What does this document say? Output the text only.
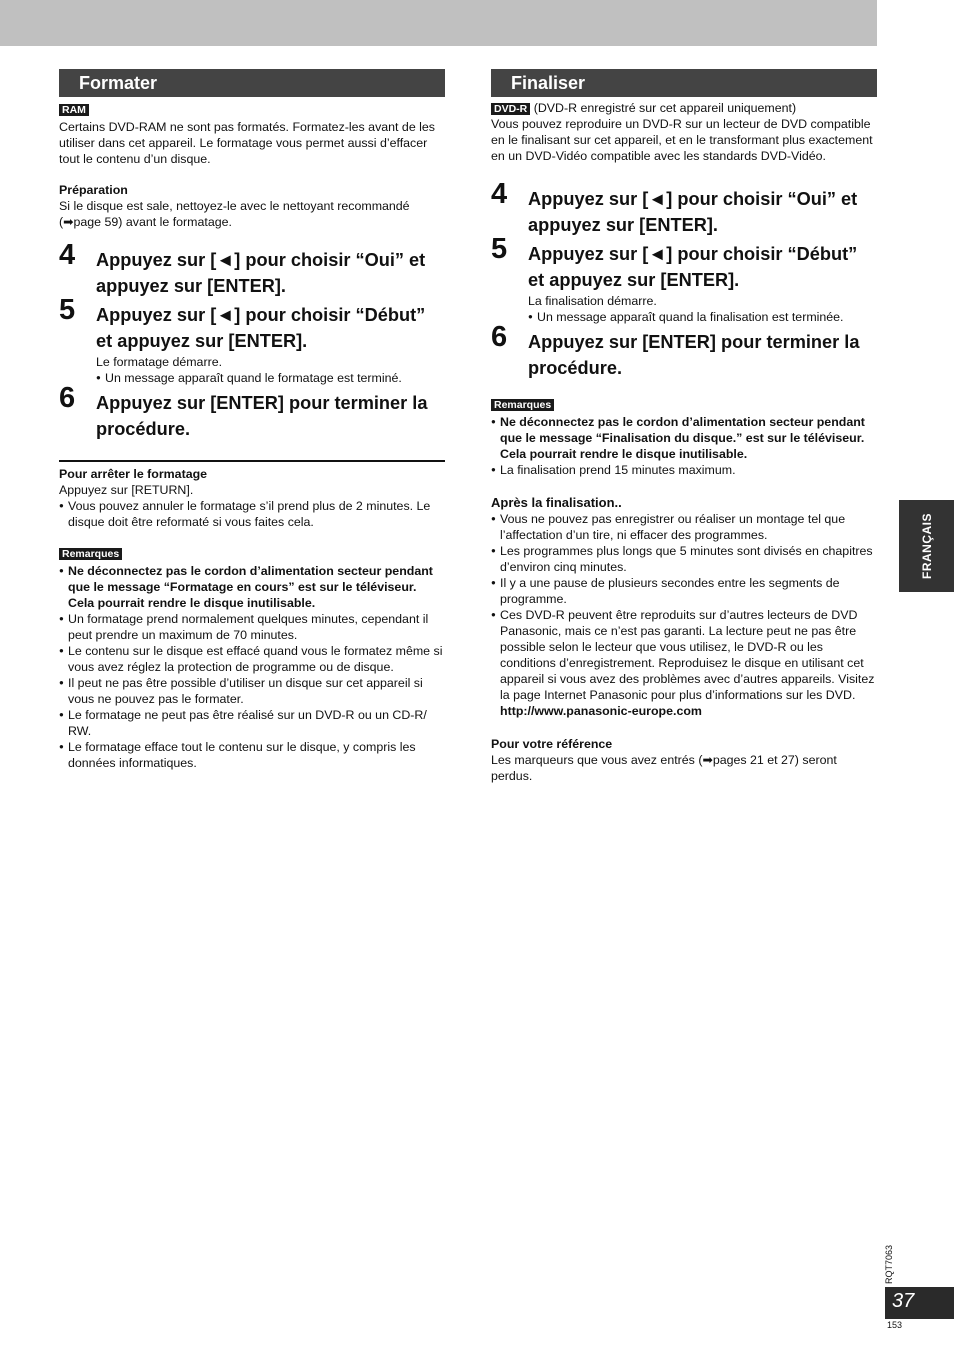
Formater
RAM

Certains DVD-RAM ne sont pas formatés. Formatez-les avant de les utiliser dans cet appareil. Le formatage vous permet aussi d’effacer tout le contenu d’un disque.

Préparation

Si le disque est sale, nettoyez-le avec le nettoyant recommandé (➡page 59) avant le formatage.

4 Appuyez sur [◄] pour choisir “Oui” et appuyez sur [ENTER].
5 Appuyez sur [◄] pour choisir “Début” et appuyez sur [ENTER].
Le formatage démarre.
● Un message apparaît quand le formatage est terminé.
6 Appuyez sur [ENTER] pour terminer la procédure.

Pour arrêter le formatage

Appuyez sur [RETURN].

● Vous pouvez annuler le formatage s’il prend plus de 2 minutes. Le disque doit être reformaté si vous faites cela.
Remarques
● Ne déconnectez pas le cordon d’alimentation secteur pendant que le message “Formatage en cours” est sur le téléviseur. Cela pourrait rendre le disque inutilisable.
● Un formatage prend normalement quelques minutes, cependant il peut prendre un maximum de 70 minutes.
● Le contenu sur le disque est effacé quand vous le formatez même si vous avez réglez la protection de programme ou de disque.
● Il peut ne pas être possible d’utiliser un disque sur cet appareil si vous ne pouvez pas le formater.
● Le formatage ne peut pas être réalisé sur un DVD-R ou un CD-R/ RW.
● Le formatage efface tout le contenu sur le disque, y compris les données informatiques.
Finaliser

DVD-R (DVD-R enregistré sur cet appareil uniquement)

Vous pouvez reproduire un DVD-R sur un lecteur de DVD compatible en le finalisant sur cet appareil, et en le transformant plus exactement en un DVD-Vidéo compatible avec les standards DVD-Vidéo.

4 Appuyez sur [◄] pour choisir “Oui” et appuyez sur [ENTER].
5 Appuyez sur [◄] pour choisir “Début” et appuyez sur [ENTER].
La finalisation démarre.
● Un message apparaît quand la finalisation est terminée.
6 Appuyez sur [ENTER] pour terminer la procédure.
Remarques
● Ne déconnectez pas le cordon d’alimentation secteur pendant que le message “Finalisation du disque.” est sur le téléviseur. Cela pourrait rendre le disque inutilisable.
● La finalisation prend 15 minutes maximum.

Après la finalisation..

● Vous ne pouvez pas enregistrer ou réaliser un montage tel que l’affectation d’un tire, ni effacer des programmes.
● Les programmes plus longs que 5 minutes sont divisés en chapitres d’environ cinq minutes.
● Il y a une pause de plusieurs secondes entre les segments de programme.
● Ces DVD-R peuvent être reproduits sur d’autres lecteurs de DVD Panasonic, mais ce n’est pas garanti. La lecture peut ne pas être possible selon le lecteur que vous utilisez, le DVD-R ou les conditions d’enregistrement. Reproduisez le disque en utilisant cet appareil si vous avez des problèmes avec d’autres appareils. Visitez la page Internet Panasonic pour plus d’informations sur les DVD.

http://www.panasonic-europe.com

Pour votre référence

Les marqueurs que vous avez entrés (➡pages 21 et 27) seront perdus.

FRANÇAIS
RQT7063
37
153
